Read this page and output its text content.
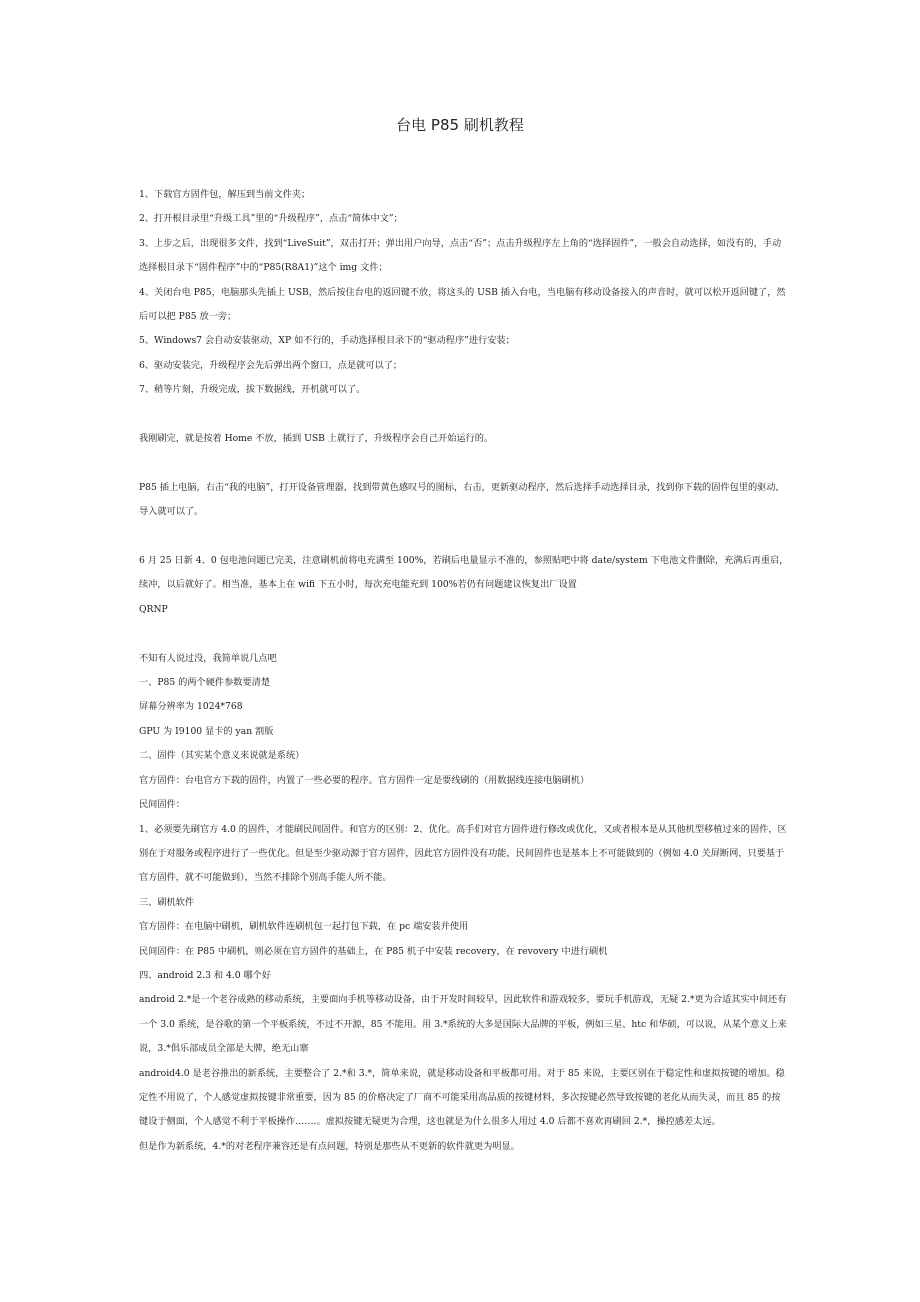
台电 P85 刷机教程

1、下载官方固件包，解压到当前文件夹；

2、打开根目录里“升级工具”里的“升级程序”，点击“简体中文”；

3、上步之后，出现很多文件，找到“LiveSuit”，双击打开；弹出用户向导，点击“否”；点击升级程序左上角的“选择固件”，一般会自动选择，如没有的，手动选择根目录下“固件程序”中的“P85(R8A1)”这个 img 文件；

4、关闭台电 P85，电脑那头先插上 USB，然后按住台电的返回键不放，将这头的 USB 插入台电，当电脑有移动设备接入的声音时，就可以松开返回键了，然后可以把 P85 放一旁；

5、Windows7 会自动安装驱动，XP 如不行的，手动选择根目录下的“驱动程序”进行安装；

6、驱动安装完，升级程序会先后弹出两个窗口，点是就可以了；

7、稍等片刻，升级完成，拔下数据线，开机就可以了。

我刚刷完，就是按着 Home 不放，插到 USB 上就行了，升级程序会自己开始运行的。

P85 插上电脑，右击“我的电脑”，打开设备管理器，找到带黄色感叹号的图标，右击，更新驱动程序，然后选择手动选择目录，找到你下载的固件包里的驱动，导入就可以了。

6 月 25 日新 4、0 包电池问题已完美，注意刷机前将电充满至 100%，若刷后电量显示不准的，参照贴吧中将 date/system 下电池文件删除，充满后再重启，续冲，以后就好了。相当准，基本上在 wifi 下五小时，每次充电能充到 100%若仍有问题建议恢复出厂设置

QRNP

不知有人说过没，我简单说几点吧

一、P85 的两个硬件参数要清楚

屏幕分辨率为 1024*768

GPU 为 I9100 显卡的 yan 割版

二、固件（其实某个意义来说就是系统）

官方固件：台电官方下载的固件，内置了一些必要的程序。官方固件一定是要线刷的（用数据线连接电脑刷机）

民间固件：

1、必须要先刷官方 4.0 的固件，才能刷民间固件。和官方的区别：2、优化。高手们对官方固件进行修改或优化，又或者根本是从其他机型移植过来的固件，区别在于对服务或程序进行了一些优化。但是至少驱动源于官方固件，因此官方固件没有功能，民间固件也是基本上不可能做到的（例如 4.0 关屏断网，只要基于官方固件，就不可能做到），当然不排除个别高手能人所不能。

三、刷机软件

官方固件：在电脑中刷机，刷机软件连刷机包一起打包下载，在 pc 端安装并使用

民间固件：在 P85 中刷机，则必须在官方固件的基础上，在 P85 机子中安装 recovery，在 revovery 中进行刷机

四、android 2.3 和 4.0 哪个好

android 2.*是一个老谷成熟的移动系统，主要面向手机等移动设备，由于开发时间较早，因此软件和游戏较多，要玩手机游戏，无疑 2.*更为合适其实中间还有一个 3.0 系统，是谷歌的第一个平板系统，不过不开源，85 不能用。用 3.*系统的大多是国际大品牌的平板，例如三星、htc 和华硕，可以说，从某个意义上来说，3.*俱乐部成员全部是大牌，绝无山寨

android4.0 是老谷推出的新系统，主要整合了 2.*和 3.*，简单来说，就是移动设备和平板都可用。对于 85 来说，主要区别在于稳定性和虚拟按键的增加。稳定性不用说了，个人感觉虚拟按键非常重要，因为 85 的价格决定了厂商不可能采用高品质的按键材料，多次按键必然导致按键的老化从而失灵，而且 85 的按键设于侧面，个人感觉不利于平板操作…….。虚拟按键无疑更为合理，这也就是为什么很多人用过 4.0 后都不喜欢再刷回 2.*，操控感差太远。

但是作为新系统，4.*的对老程序兼容还是有点问题，特别是那些从不更新的软件就更为明显。
